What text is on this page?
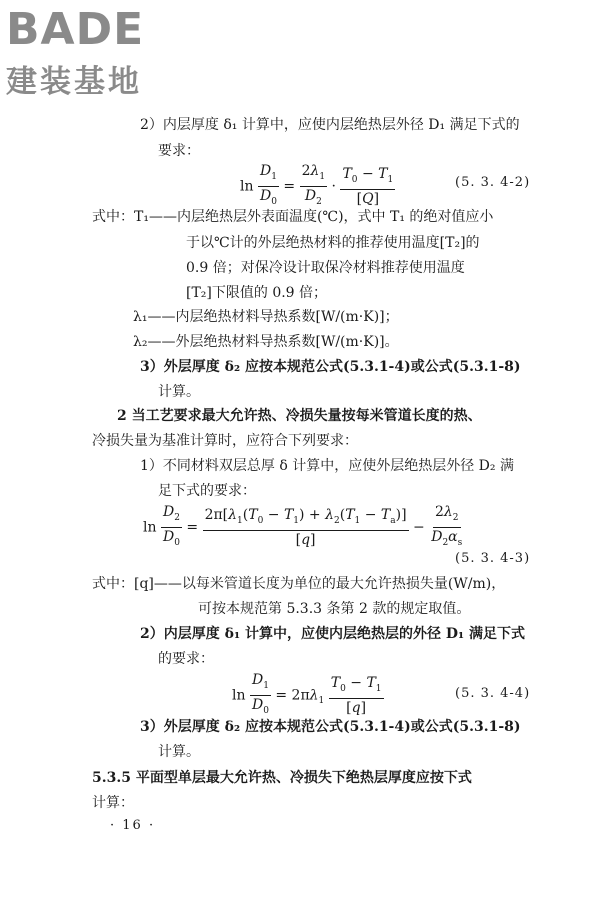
BADE
建装基地
2）内层厚度 δ₁ 计算中，应使内层绝热层外径 D₁ 满足下式的
要求：
$\ln \frac{D_1}{D_0} = \frac{2\lambda_1}{D_2} \cdot \frac{T_0 - T_1}{[Q]}$	(5. 3. 4-2)
式中：T₁——内层绝热层外表面温度(℃)，式中 T₁ 的绝对值应小
于以℃计的外层绝热材料的推荐使用温度[T₂]的
0.9 倍；对保冷设计取保冷材料推荐使用温度
[T₂]下限值的 0.9 倍；
λ₁——内层绝热材料导热系数[W/(m·K)]；
λ₂——外层绝热材料导热系数[W/(m·K)]。
3）外层厚度 δ₂ 应按本规范公式(5.3.1-4)或公式(5.3.1-8)
计算。
2 当工艺要求最大允许热、冷损失量按每米管道长度的热、
冷损失量为基准计算时，应符合下列要求：
1）不同材料双层总厚 δ 计算中，应使外层绝热层外径 D₂ 满
足下式的要求：
$\ln \frac{D_2}{D_0} = \frac{2\pi[\lambda_1(T_0 - T_1) + \lambda_2(T_1 - T_a)]}{[q]} - \frac{2\lambda_2}{D_2\alpha_s}$
(5. 3. 4-3)
式中：[q]——以每米管道长度为单位的最大允许热损失量(W/m)，
可按本规范第 5.3.3 条第 2 款的规定取值。
2）内层厚度 δ₁ 计算中，应使内层绝热层的外径 D₁ 满足下式
的要求：
$\ln \frac{D_1}{D_0} = 2\pi\lambda_1 \frac{T_0 - T_1}{[q]}$	(5. 3. 4-4)
3）外层厚度 δ₂ 应按本规范公式(5.3.1-4)或公式(5.3.1-8)
计算。
5.3.5 平面型单层最大允许热、冷损失下绝热层厚度应按下式
计算：
· 16 ·
